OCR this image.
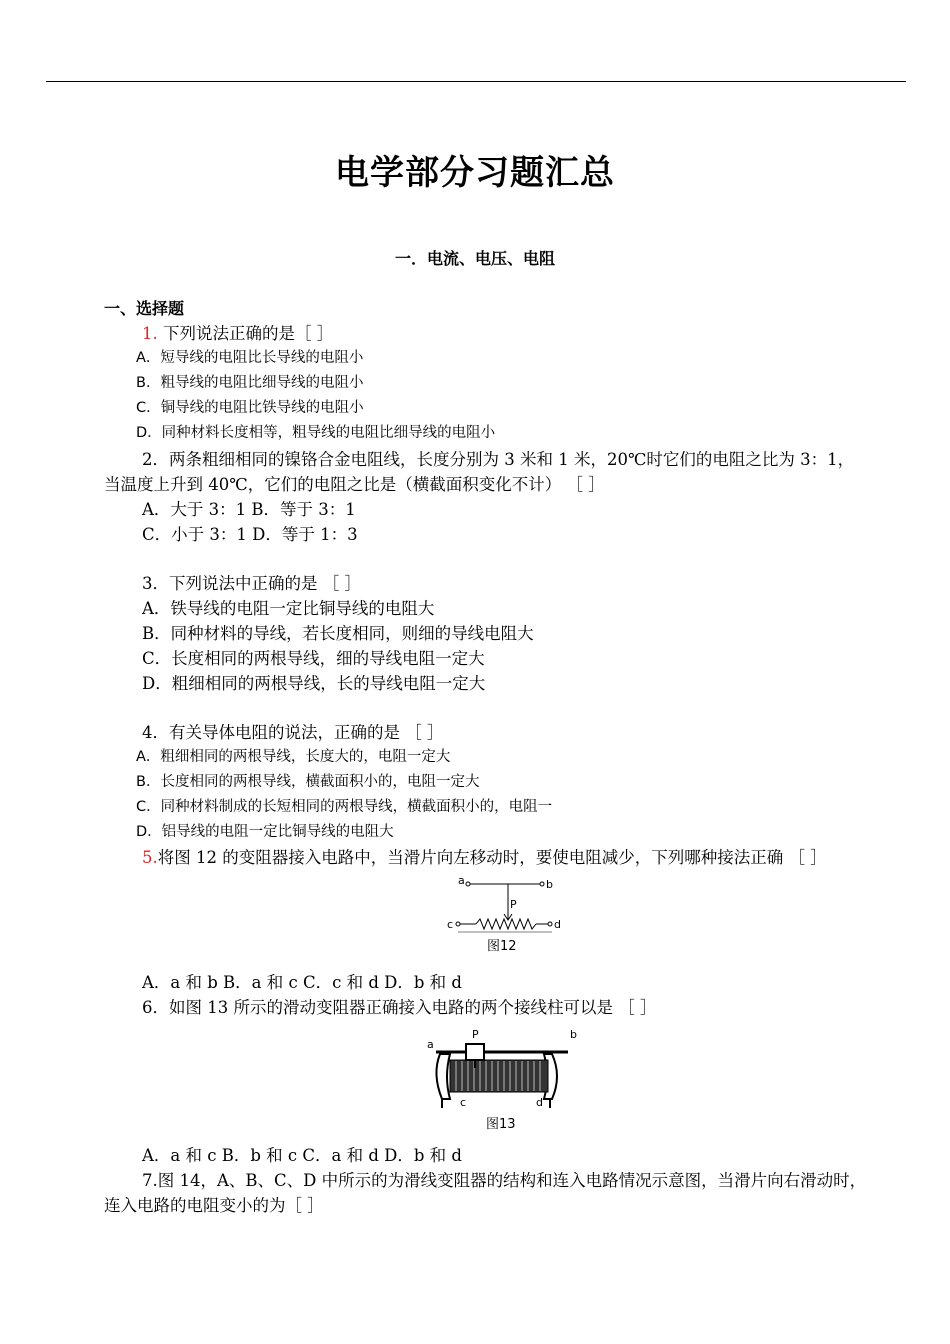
电学部分习题汇总
一．电流、电压、电阻
一、选择题
1. 下列说法正确的是［ ］
A．短导线的电阻比长导线的电阻小
B．粗导线的电阻比细导线的电阻小
C．铜导线的电阻比铁导线的电阻小
D．同种材料长度相等，粗导线的电阻比细导线的电阻小
2．两条粗细相同的镍铬合金电阻线，长度分别为 3 米和 1 米，20℃时它们的电阻之比为 3：1，
当温度上升到 40℃，它们的电阻之比是（横截面积变化不计） ［ ］
A．大于 3：1 B．等于 3：1
C．小于 3：1 D．等于 1：3
3．下列说法中正确的是 ［ ］
A．铁导线的电阻一定比铜导线的电阻大
B．同种材料的导线，若长度相同，则细的导线电阻大
C．长度相同的两根导线，细的导线电阻一定大
D．粗细相同的两根导线，长的导线电阻一定大
4．有关导体电阻的说法，正确的是 ［ ］
A．粗细相同的两根导线，长度大的，电阻一定大
B．长度相同的两根导线，横截面积小的，电阻一定大
C．同种材料制成的长短相同的两根导线，横截面积小的，电阻一
D．铝导线的电阻一定比铜导线的电阻大
5.将图 12 的变阻器接入电路中，当滑片向左移动时，要使电阻减少，下列哪种接法正确 ［ ］
a	b
c	d
P
图12
A．a 和 b B．a 和 c C．c 和 d D．b 和 d
6．如图 13 所示的滑动变阻器正确接入电路的两个接线柱可以是 ［ ］
a
b
c	d
P
图13
A．a 和 c B．b 和 c C．a 和 d D．b 和 d
7.图 14，A、B、C、D 中所示的为滑线变阻器的结构和连入电路情况示意图，当滑片向右滑动时，
连入电路的电阻变小的为［ ］
